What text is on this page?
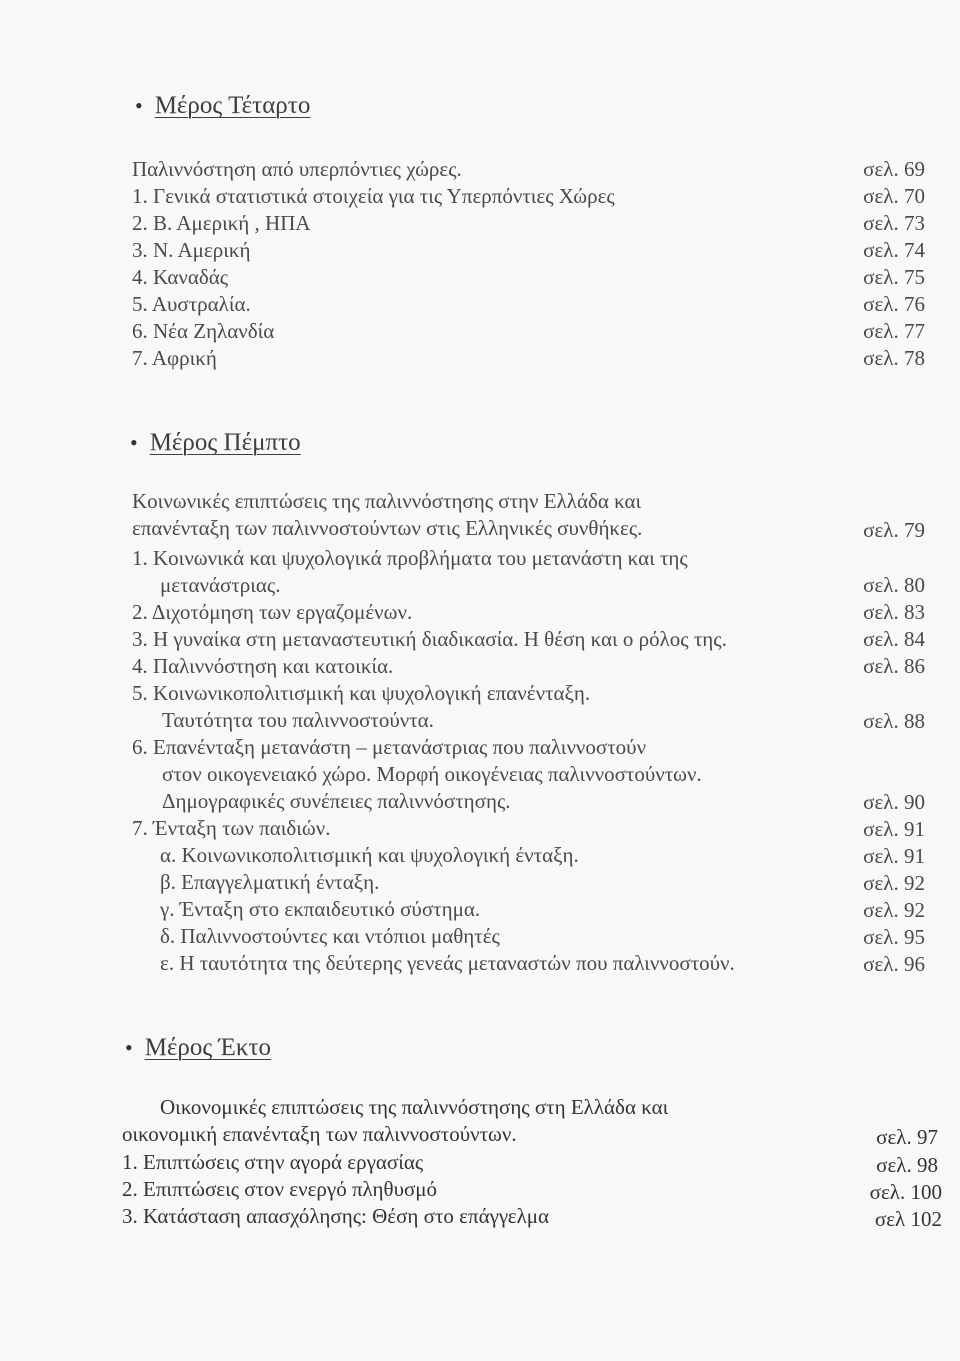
• Μέρος Τέταρτο
Παλιννόστηση από υπερπόντιες χώρες.	σελ. 69
1. Γενικά στατιστικά στοιχεία για τις Υπερπόντιες Χώρες	σελ. 70
2. Β. Αμερική , ΗΠΑ	σελ. 73
3. Ν. Αμερική	σελ. 74
4. Καναδάς	σελ. 75
5. Αυστραλία.	σελ. 76
6. Νέα Ζηλανδία	σελ. 77
7. Αφρική	σελ. 78
• Μέρος Πέμπτο
Κοινωνικές επιπτώσεις της παλιννόστησης στην Ελλάδα και
επανένταξη των παλιννοστούντων στις Ελληνικές συνθήκες.	σελ. 79
1. Κοινωνικά και ψυχολογικά προβλήματα του μετανάστη και της
μετανάστριας.	σελ. 80
2. Διχοτόμηση των εργαζομένων.	σελ. 83
3. Η γυναίκα στη μεταναστευτική διαδικασία. Η θέση και ο ρόλος της.	σελ. 84
4. Παλιννόστηση και κατοικία.	σελ. 86
5. Κοινωνικοπολιτισμική και ψυχολογική επανένταξη.
Ταυτότητα του παλιννοστούντα.	σελ. 88
6. Επανένταξη μετανάστη – μετανάστριας που παλιννοστούν
στον οικογενειακό χώρο. Μορφή οικογένειας παλιννοστούντων.
Δημογραφικές συνέπειες παλιννόστησης.	σελ. 90
7. Ένταξη των παιδιών.	σελ. 91
α. Κοινωνικοπολιτισμική και ψυχολογική ένταξη.	σελ. 91
β. Επαγγελματική ένταξη.	σελ. 92
γ. Ένταξη στο εκπαιδευτικό σύστημα.	σελ. 92
δ. Παλιννοστούντες και ντόπιοι μαθητές	σελ. 95
ε. Η ταυτότητα της δεύτερης γενεάς μεταναστών που παλιννοστούν.	σελ. 96
• Μέρος Έκτο
Οικονομικές επιπτώσεις της παλιννόστησης στη Ελλάδα και
οικονομική επανένταξη των παλιννοστούντων.	σελ. 97
1. Επιπτώσεις στην αγορά εργασίας	σελ. 98
2. Επιπτώσεις στον ενεργό πληθυσμό	σελ. 100
3. Κατάσταση απασχόλησης: Θέση στο επάγγελμα	σελ 102
